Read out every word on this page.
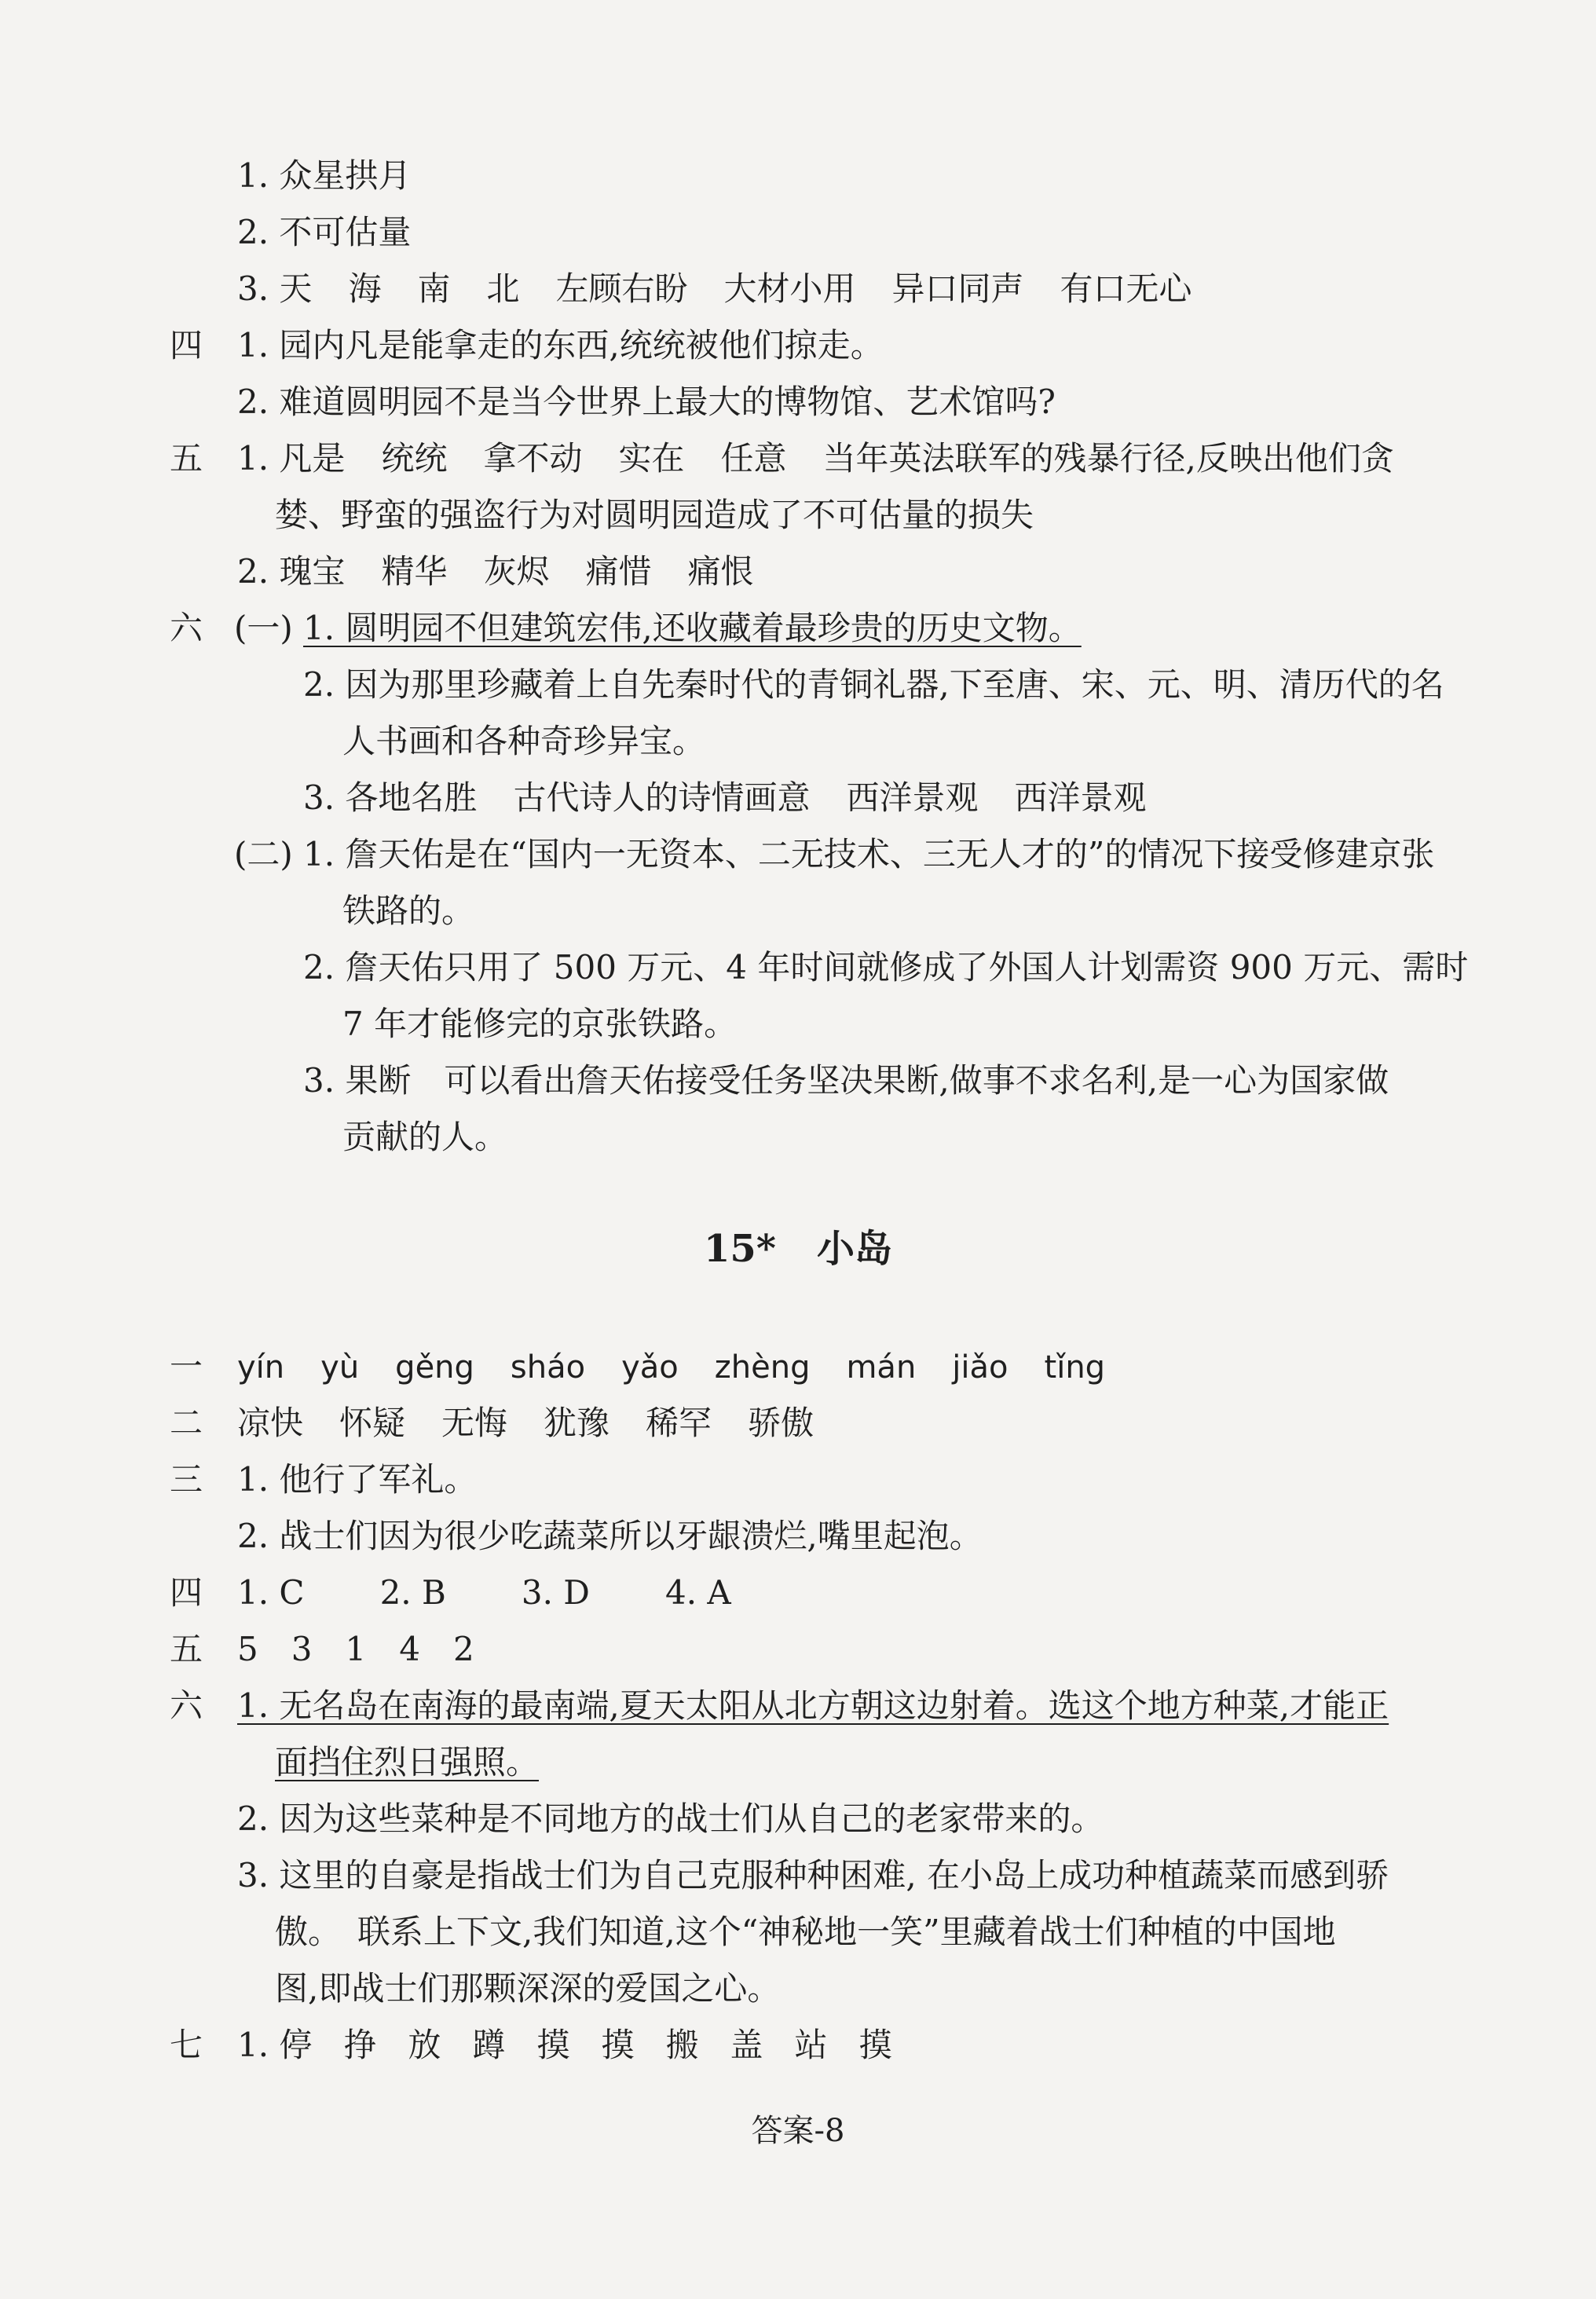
1. 众星拱月
2. 不可估量
3. 天 海 南 北 左顾右盼 大材小用 异口同声 有口无心
四 1. 园内凡是能拿走的东西,统统被他们掠走。
2. 难道圆明园不是当今世界上最大的博物馆、艺术馆吗?
五 1. 凡是 统统 拿不动 实在 任意 当年英法联军的残暴行径,反映出他们贪
婪、野蛮的强盗行为对圆明园造成了不可估量的损失
2. 瑰宝 精华 灰烬 痛惜 痛恨
六 (一) 1. 圆明园不但建筑宏伟,还收藏着最珍贵的历史文物。
2. 因为那里珍藏着上自先秦时代的青铜礼器,下至唐、宋、元、明、清历代的名
人书画和各种奇珍异宝。
3. 各地名胜 古代诗人的诗情画意 西洋景观 西洋景观
(二) 1. 詹天佑是在“国内一无资本、二无技术、三无人才的”的情况下接受修建京张
铁路的。
2. 詹天佑只用了 500 万元、4 年时间就修成了外国人计划需资 900 万元、需时
7 年才能修完的京张铁路。
3. 果断　可以看出詹天佑接受任务坚决果断,做事不求名利,是一心为国家做
贡献的人。
15* 小岛
一 yín yù gěng sháo yǎo zhèng mán jiǎo tǐng
二 凉快 怀疑 无悔 犹豫 稀罕 骄傲
三 1. 他行了军礼。
2. 战士们因为很少吃蔬菜所以牙龈溃烂,嘴里起泡。
四 1. C 2. B 3. D 4. A
五 5 3 1 4 2
六 1. 无名岛在南海的最南端,夏天太阳从北方朝这边射着。选这个地方种菜,才能正
面挡住烈日强照。
2. 因为这些菜种是不同地方的战士们从自己的老家带来的。
3. 这里的自豪是指战士们为自己克服种种困难, 在小岛上成功种植蔬菜而感到骄
傲。　联系上下文,我们知道,这个“神秘地一笑”里藏着战士们种植的中国地
图,即战士们那颗深深的爱国之心。
七 1. 停 挣 放 蹲 摸 摸 搬 盖 站 摸
答案-8
